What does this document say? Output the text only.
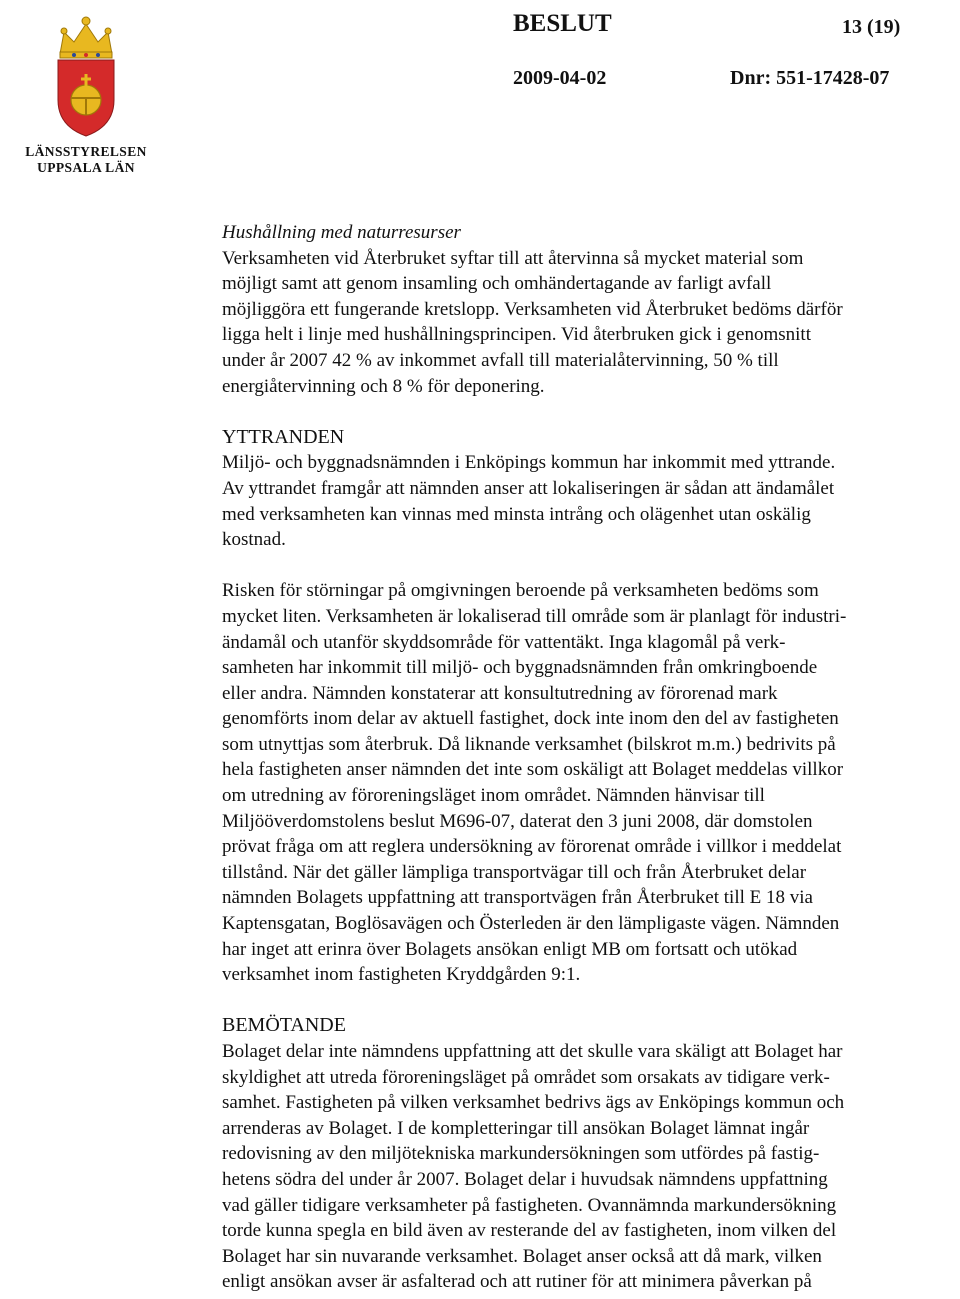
LÄNSSTYRELSEN
UPPSALA LÄN
BESLUT	13 (19)
2009-04-02	Dnr: 551-17428-07

Hushållning med naturresurser

Verksamheten vid Återbruket syftar till att återvinna så mycket material som

möjligt samt att genom insamling och omhändertagande av farligt avfall

möjliggöra ett fungerande kretslopp. Verksamheten vid Återbruket bedöms därför

ligga helt i linje med hushållningsprincipen. Vid återbruken gick i genomsnitt

under år 2007 42 % av inkommet avfall till materialåtervinning, 50 % till

energiåtervinning och 8 % för deponering.

YTTRANDEN

Miljö- och byggnadsnämnden i Enköpings kommun har inkommit med yttrande.

Av yttrandet framgår att nämnden anser att lokaliseringen är sådan att ändamålet

med verksamheten kan vinnas med minsta intrång och olägenhet utan oskälig

kostnad.

Risken för störningar på omgivningen beroende på verksamheten bedöms som

mycket liten. Verksamheten är lokaliserad till område som är planlagt för industri-

ändamål och utanför skyddsområde för vattentäkt. Inga klagomål på verk-

samheten har inkommit till miljö- och byggnadsnämnden från omkringboende

eller andra. Nämnden konstaterar att konsultutredning av förorenad mark

genomförts inom delar av aktuell fastighet, dock inte inom den del av fastigheten

som utnyttjas som återbruk. Då liknande verksamhet (bilskrot m.m.) bedrivits på

hela fastigheten anser nämnden det inte som oskäligt att Bolaget meddelas villkor

om utredning av föroreningsläget inom området. Nämnden hänvisar till

Miljööverdomstolens beslut M696-07, daterat den 3 juni 2008, där domstolen

prövat fråga om att reglera undersökning av förorenat område i villkor i meddelat

tillstånd. När det gäller lämpliga transportvägar till och från Återbruket delar

nämnden Bolagets uppfattning att transportvägen från Återbruket till E 18 via

Kaptensgatan, Boglösavägen och Österleden är den lämpligaste vägen. Nämnden

har inget att erinra över Bolagets ansökan enligt MB om fortsatt och utökad

verksamhet inom fastigheten Kryddgården 9:1.

BEMÖTANDE

Bolaget delar inte nämndens uppfattning att det skulle vara skäligt att Bolaget har

skyldighet att utreda föroreningsläget på området som orsakats av tidigare verk-

samhet. Fastigheten på vilken verksamhet bedrivs ägs av Enköpings kommun och

arrenderas av Bolaget. I de kompletteringar till ansökan Bolaget lämnat ingår

redovisning av den miljötekniska markundersökningen som utfördes på fastig-

hetens södra del under år 2007. Bolaget delar i huvudsak nämndens uppfattning

vad gäller tidigare verksamheter på fastigheten. Ovannämnda markundersökning

torde kunna spegla en bild även av resterande del av fastigheten, inom vilken del

Bolaget har sin nuvarande verksamhet. Bolaget anser också att då mark, vilken

enligt ansökan avser är asfalterad och att rutiner för att minimera påverkan på
